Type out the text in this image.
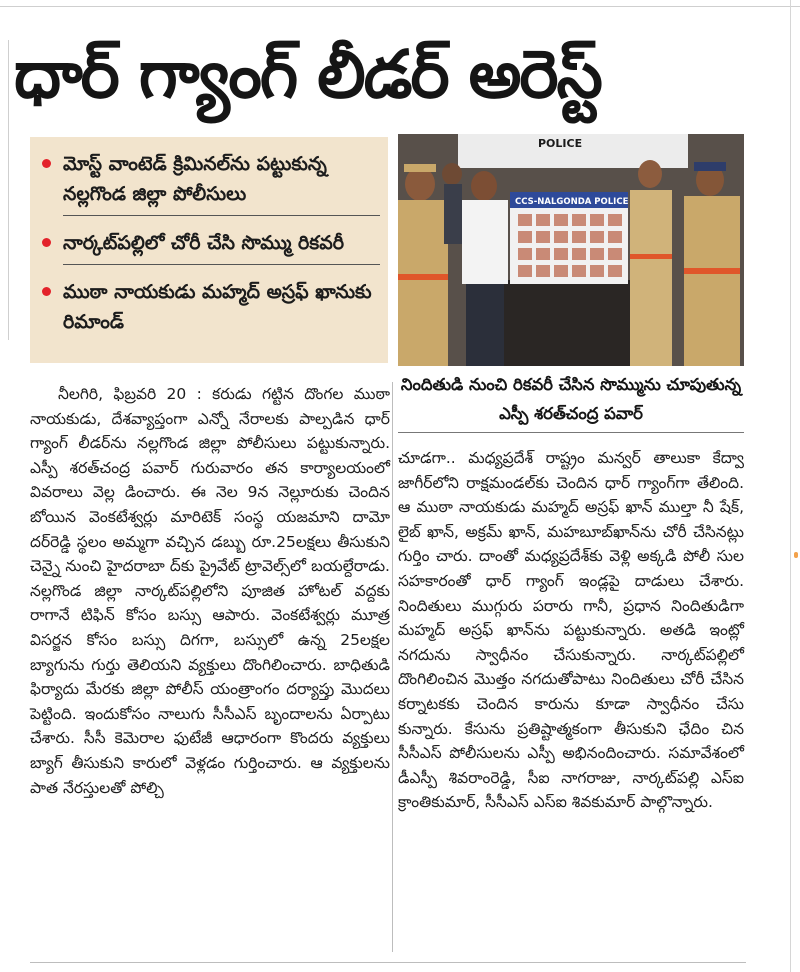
ధార్ గ్యాంగ్ లీడర్ అరెస్ట్
మోస్ట్ వాంటెడ్ క్రిమినల్‌ను పట్టుకున్న నల్లగొండ జిల్లా పోలీసులు
నార్కట్‌పల్లిలో చోరీ చేసి సొమ్ము రికవరీ
ముఠా నాయకుడు మహ్మద్ అస్రఫ్ ఖానుకు రిమాండ్
POLICE
CCS-NALGONDA POLICE
నిందితుడి నుంచి రికవరీ చేసిన సొమ్మును చూపుతున్న ఎస్పీ శరత్‌చంద్ర పవార్

నీలగిరి, ఫిబ్రవరి 20 : కరుడు గట్టిన దొంగల ముఠా నాయకుడు, దేశవ్యాప్తంగా ఎన్నో నేరాలకు పాల్పడిన ధార్ గ్యాంగ్ లీడర్‌ను నల్లగొండ జిల్లా పోలీసులు పట్టుకున్నారు. ఎస్పీ శరత్‌చంద్ర పవార్ గురువారం తన కార్యాలయంలో వివరాలు వెల్ల డించారు. ఈ నెల 9న నెల్లూరుకు చెందిన బోయిన వెంకటేశ్వర్లు మారిటెక్ సంస్థ యజమాని దామో దర్‌రెడ్డి స్థలం అమ్మగా వచ్చిన డబ్బు రూ.25లక్షలు తీసుకుని చెన్నై నుంచి హైదరాబా ద్‌కు ప్రైవేట్ ట్రావెల్స్‌లో బయల్దేరాడు. నల్లగొండ జిల్లా నార్కట్‌పల్లిలోని పూజిత హోటల్ వద్దకు రాగానే టిఫిన్ కోసం బస్సు ఆపారు. వెంకటేశ్వర్లు మూత్ర విసర్జన కోసం బస్సు దిగగా, బస్సులో ఉన్న 25లక్షల బ్యాగును గుర్తు తెలియని వ్యక్తులు దొంగిలించారు. బాధితుడి ఫిర్యాదు మేరకు జిల్లా పోలీస్ యంత్రాంగం దర్యాప్తు మొదలు పెట్టింది. ఇందుకోసం నాలుగు సీసీఎస్ బృందాలను ఏర్పాటు చేశారు. సీసీ కెమెరాల ఫుటేజీ ఆధారంగా కొందరు వ్యక్తులు బ్యాగ్ తీసుకుని కారులో వెళ్లడం గుర్తించారు. ఆ వ్యక్తులను పాత నేరస్తులతో పోల్చి

చూడగా.. మధ్యప్రదేశ్ రాష్ట్రం మన్వర్ తాలుకా కేద్వా జాగీర్‌లోని రాక్షమండల్‌కు చెందిన ధార్ గ్యాంగ్‌గా తేలింది. ఆ ముఠా నాయకుడు మహ్మద్ అస్రఫ్ ఖాన్ ముల్తా నీ షేక్, లైబ్ ఖాన్, అక్రమ్ ఖాన్, మహబూబ్‌ఖాన్‌ను చోరీ చేసినట్లు గుర్తిం చారు. దాంతో మధ్యప్రదేశ్‌కు వెళ్లి అక్కడి పోలీ సుల సహకారంతో ధార్ గ్యాంగ్ ఇండ్లపై దాడులు చేశారు. నిందితులు ముగ్గురు పరారు గానీ, ప్రధాన నిందితుడిగా మహ్మద్ అస్రఫ్ ఖాన్‌ను పట్టుకున్నారు. అతడి ఇంట్లో నగదును స్వాధీనం చేసుకున్నారు. నార్కట్‌పల్లిలో దొంగిలించిన మొత్తం నగదుతోపాటు నిందితులు చోరీ చేసిన కర్నాటకకు చెందిన కారును కూడా స్వాధీనం చేసు కున్నారు. కేసును ప్రతిష్టాత్మకంగా తీసుకుని ఛేదిం చిన సీసీఎస్ పోలీసులను ఎస్పీ అభినందించారు. సమావేశంలో డీఎస్పీ శివరాంరెడ్డి, సీఐ నాగరాజు, నార్కట్‌పల్లి ఎస్ఐ క్రాంతికుమార్, సీసీఎస్ ఎస్ఐ శివకుమార్ పాల్గొన్నారు.
